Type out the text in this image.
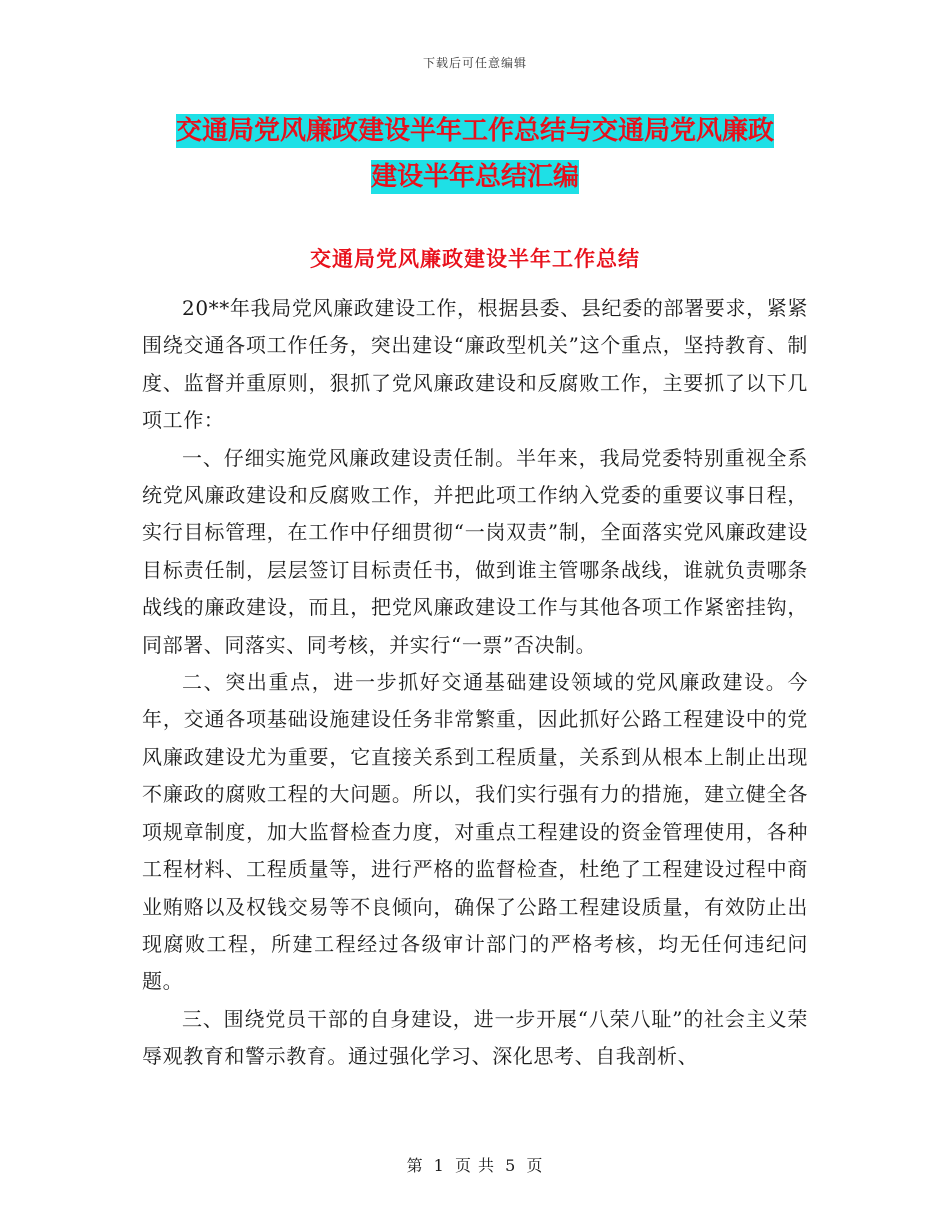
下载后可任意编辑
交通局党风廉政建设半年工作总结与交通局党风廉政
建设半年总结汇编
交通局党风廉政建设半年工作总结

20**年我局党风廉政建设工作，根据县委、县纪委的部署要求，紧紧围绕交通各项工作任务，突出建设“廉政型机关”这个重点，坚持教育、制度、监督并重原则，狠抓了党风廉政建设和反腐败工作，主要抓了以下几项工作：

一、仔细实施党风廉政建设责任制。半年来，我局党委特别重视全系统党风廉政建设和反腐败工作，并把此项工作纳入党委的重要议事日程，实行目标管理，在工作中仔细贯彻“一岗双责”制，全面落实党风廉政建设目标责任制，层层签订目标责任书，做到谁主管哪条战线，谁就负责哪条战线的廉政建设，而且，把党风廉政建设工作与其他各项工作紧密挂钩，同部署、同落实、同考核，并实行“一票”否决制。

二、突出重点，进一步抓好交通基础建设领域的党风廉政建设。今年，交通各项基础设施建设任务非常繁重，因此抓好公路工程建设中的党风廉政建设尤为重要，它直接关系到工程质量，关系到从根本上制止出现不廉政的腐败工程的大问题。所以，我们实行强有力的措施，建立健全各项规章制度，加大监督检查力度，对重点工程建设的资金管理使用，各种工程材料、工程质量等，进行严格的监督检查，杜绝了工程建设过程中商业贿赂以及权钱交易等不良倾向，确保了公路工程建设质量，有效防止出现腐败工程，所建工程经过各级审计部门的严格考核，均无任何违纪问题。

三、围绕党员干部的自身建设，进一步开展“八荣八耻”的社会主义荣辱观教育和警示教育。通过强化学习、深化思考、自我剖析、

第 1 页 共 5 页
